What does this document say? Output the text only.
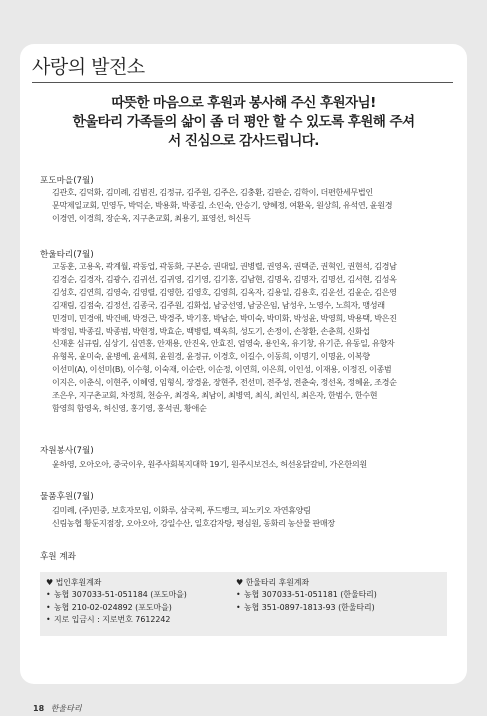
사랑의 발전소
따뜻한 마음으로 후원과 봉사해 주신 후원자님!
한울타리 가족들의 삶이 좀 더 평안 할 수 있도록 후원해 주셔
서 진심으로 감사드립니다.
포도마을(7월)
김관호, 김덕화, 김미례, 김범진, 김정규, 김주원, 김주은, 김충환, 김판순, 김학이, 더편한세무법인
문막제일교회, 민영두, 박덕순, 박용화, 박종길, 소인숙, 안승기, 양혜정, 여환욱, 원상희, 유석연, 윤원경
이경연, 이경희, 장순옥, 지구촌교회, 최용기, 표영선, 허신득
한울타리(7월)
고동훈, 고용옥, 곽계월, 곽동업, 곽동화, 구본승, 권대일, 권병렬, 권영옥, 권택준, 권혁인, 권현석, 김경남
김경순, 김경자, 김광수, 김귀선, 김귀영, 김기영, 김기홍, 김남현, 김명옥, 김명자, 김명선, 김서현, 김성옥
김성호, 김연희, 김영숙, 김영렬, 김영한, 김영호, 김영희, 김옥자, 김용일, 김용호, 김운선, 김윤순, 김은영
김재림, 김점숙, 김정선, 김종국, 김주원, 김화섭, 남궁선영, 남궁은임, 남성우, 노영수, 노희자, 맹성래
민경미, 민경애, 박건배, 박경근, 박경주, 박기홍, 박남순, 박미숙, 박미화, 박성윤, 박영희, 박용택, 박은진
박정임, 박종길, 박종범, 박현정, 박효순, 백병렬, 백옥희, 성도기, 손정이, 손창환, 손춘희, 신화섭
신재훈 심규림, 심상기, 심연홍, 안재용, 안진옥, 안효진, 엄영숙, 용인옥, 유기창, 유기준, 유동일, 유향자
유형목, 윤미숙, 윤병예, 윤세희, 윤원경, 윤정규, 이경호, 이길수, 이동희, 이명기, 이명윤, 이복향
이선미(A), 이선미(B), 이수형, 이숙재, 이순란, 이순정, 이연희, 이은희, 이인성, 이재용, 이정진, 이종범
이지은, 이춘식, 이현주, 이혜영, 임형식, 장경윤, 장현주, 전선미, 전주성, 전춘숙, 정선옥, 정혜윤, 조경순
조은우, 지구촌교회, 차정희, 천승우, 최경옥, 최남이, 최병역, 최식, 최인식, 최은자, 한범수, 한수현
함영희 함영옥, 허신영, 홍기영, 홍석권, 황애순
자원봉사(7월)
윤하영, 오아오아, 중국이우, 원주사회복지대학 19기, 원주시보건소, 허선옹닭갈비, 가온한의원
물품후원(7월)
김미례, (주)민중, 보호자모임, 이화루, 삼국찌, 푸드뱅크, 피노키오 자연휴양림
신림농협 황둔지점장, 오아오아, 강일수산, 일호감자탕, 평심원, 동화리 농산물 판매장
후원 계좌
♥ 법인후원계좌
• 농협 307033-51-051184 (포도마을)
• 농협 210-02-024892 (포도마을)
• 지로 입금시 : 지로번호 7612242
♥ 한울타리 후원계좌
• 농협 307033-51-051181 (한울타리)
• 농협 351-0897-1813-93 (한울타리)
18 한울타리
